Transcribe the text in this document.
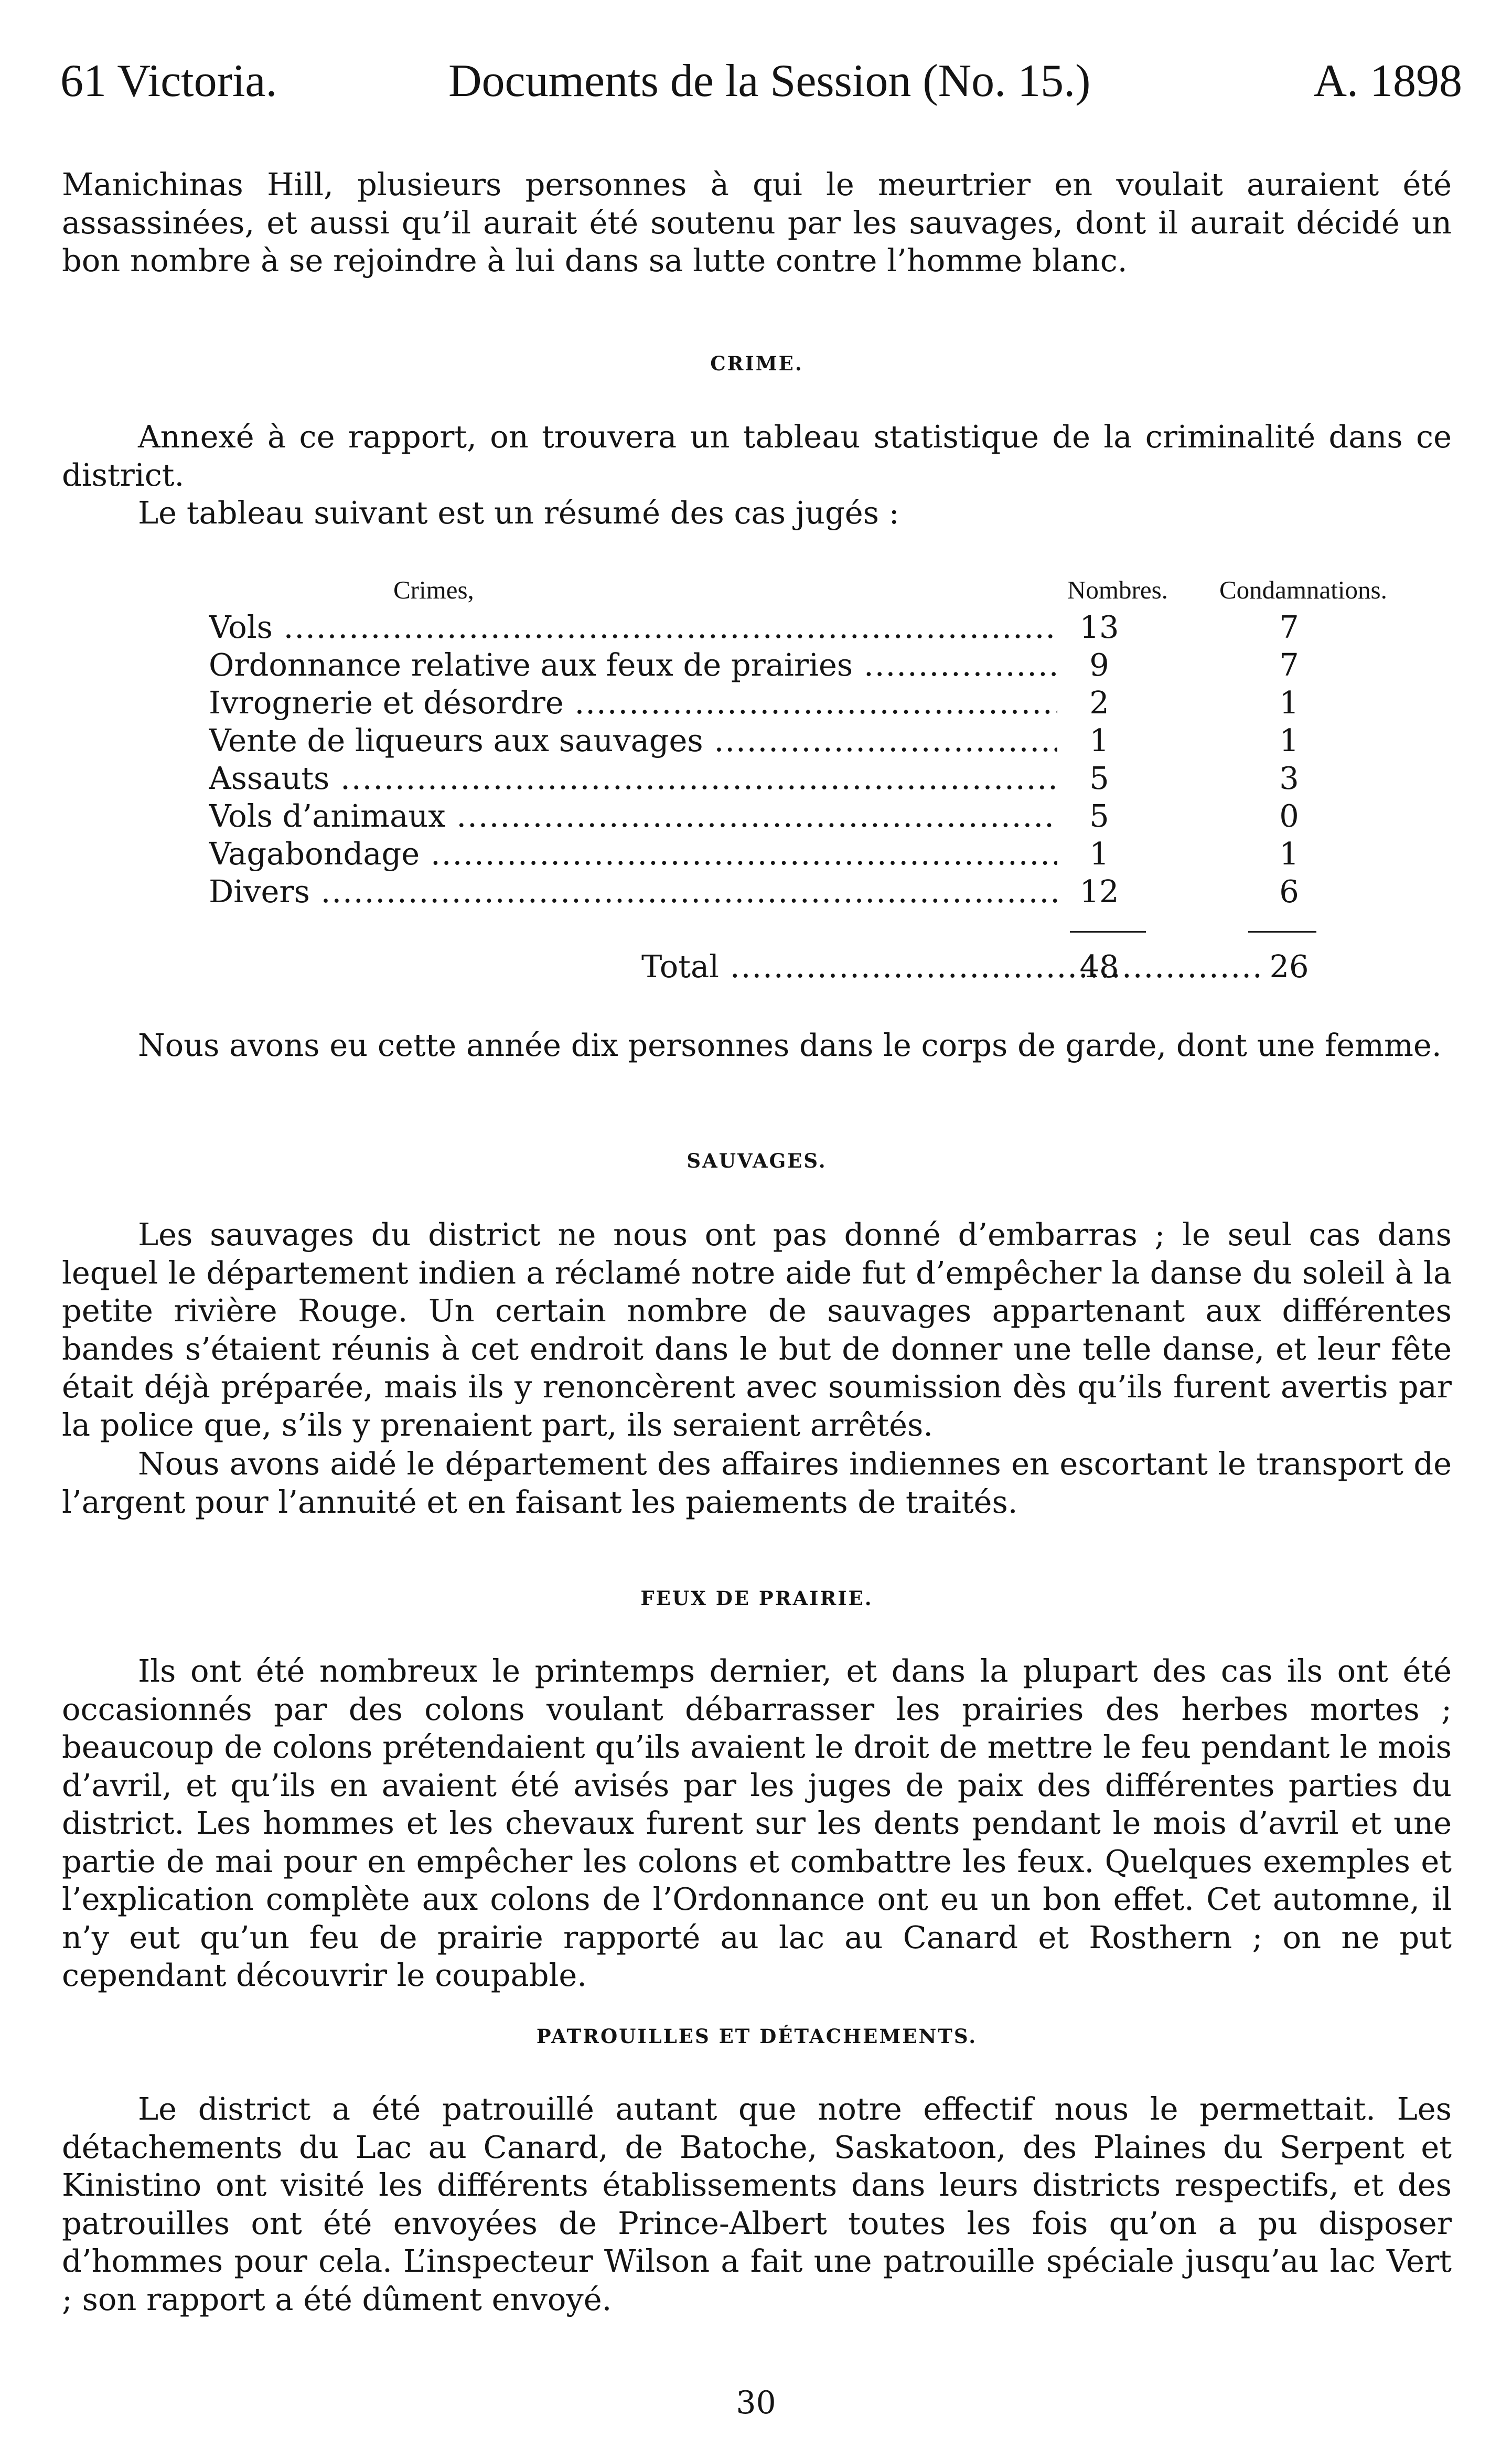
61 Victoria.	Documents de la Session (No. 15.)	A. 1898

Manichinas Hill, plusieurs personnes à qui le meurtrier en voulait auraient été assassinées, et aussi qu’il aurait été soutenu par les sauvages, dont il aurait décidé un bon nombre à se rejoindre à lui dans sa lutte contre l’homme blanc.

CRIME.

Annexé à ce rapport, on trouvera un tableau statistique de la criminalité dans ce district.

Le tableau suivant est un résumé des cas jugés :

Crimes,	Nombres. Condamnations.
Vols .....	13	7
Ordonnance relative aux feux de prairies .....	9	7
Ivrognerie et désordre .....	2	1
Vente de liqueurs aux sauvages .....	1	1
Assauts .....	5	3
Vols d’animaux .....	5	0
Vagabondage .....	1	1
Divers .....	12	6
Total .....	48	26

Nous avons eu cette année dix personnes dans le corps de garde, dont une femme.

SAUVAGES.

Les sauvages du district ne nous ont pas donné d’embarras ; le seul cas dans lequel le département indien a réclamé notre aide fut d’empêcher la danse du soleil à la petite rivière Rouge. Un certain nombre de sauvages appartenant aux différentes bandes s’étaient réunis à cet endroit dans le but de donner une telle danse, et leur fête était déjà préparée, mais ils y renoncèrent avec soumission dès qu’ils furent avertis par la police que, s’ils y prenaient part, ils seraient arrêtés.

Nous avons aidé le département des affaires indiennes en escortant le transport de l’argent pour l’annuité et en faisant les paiements de traités.

FEUX DE PRAIRIE.

Ils ont été nombreux le printemps dernier, et dans la plupart des cas ils ont été occasionnés par des colons voulant débarrasser les prairies des herbes mortes ; beaucoup de colons prétendaient qu’ils avaient le droit de mettre le feu pendant le mois d’avril, et qu’ils en avaient été avisés par les juges de paix des différentes parties du district. Les hommes et les chevaux furent sur les dents pendant le mois d’avril et une partie de mai pour en empêcher les colons et combattre les feux. Quelques exemples et l’explication complète aux colons de l’Ordonnance ont eu un bon effet. Cet automne, il n’y eut qu’un feu de prairie rapporté au lac au Canard et Rosthern ; on ne put cependant découvrir le coupable.

PATROUILLES ET DÉTACHEMENTS.

Le district a été patrouillé autant que notre effectif nous le permettait. Les détachements du Lac au Canard, de Batoche, Saskatoon, des Plaines du Serpent et Kinistino ont visité les différents établissements dans leurs districts respectifs, et des patrouilles ont été envoyées de Prince-Albert toutes les fois qu’on a pu disposer d’hommes pour cela. L’inspecteur Wilson a fait une patrouille spéciale jusqu’au lac Vert ; son rapport a été dûment envoyé.

30
